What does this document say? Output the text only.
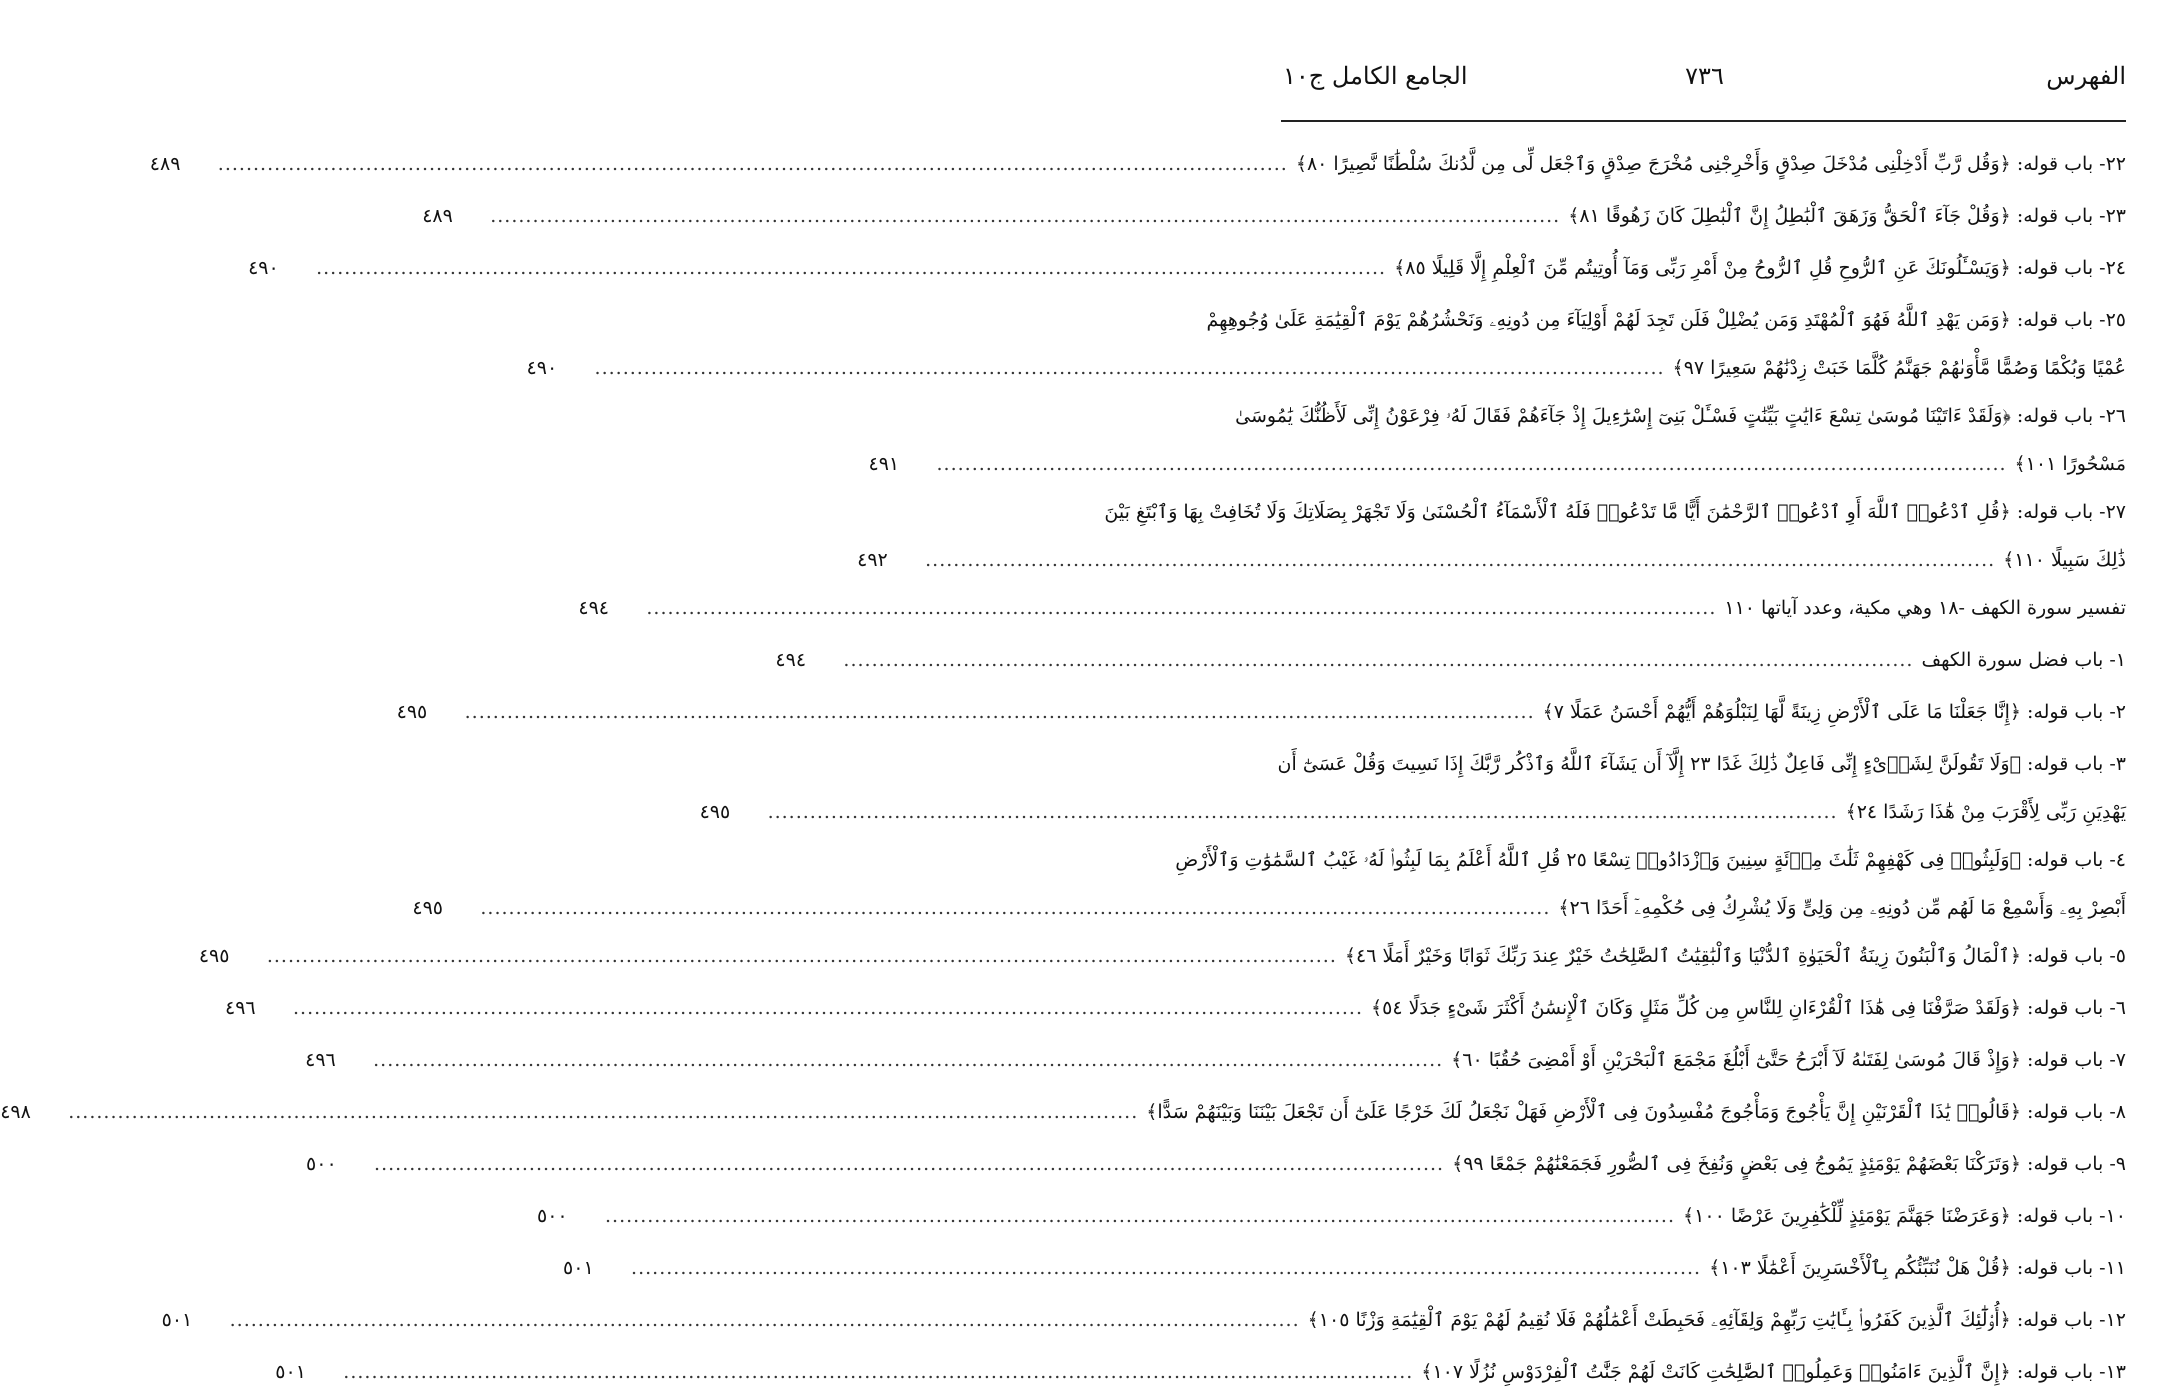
الجامع الكامل ج١٠	٧٣٦	الفهرس
٢٢- باب قوله: ﴿وَقُل رَّبِّ أَدْخِلْنِى مُدْخَلَ صِدْقٍ وَأَخْرِجْنِى مُخْرَجَ صِدْقٍ وَٱجْعَل لِّى مِن لَّدُنكَ سُلْطَٰنًا نَّصِيرًا ٨٠﴾
........................................................................................................................................................
٤٨٩
٢٣- باب قوله: ﴿وَقُلْ جَآءَ ٱلْحَقُّ وَزَهَقَ ٱلْبَٰطِلُ إِنَّ ٱلْبَٰطِلَ كَانَ زَهُوقًا ٨١﴾
........................................................................................................................................................
٤٨٩
٢٤- باب قوله: ﴿وَيَسْـَٔلُونَكَ عَنِ ٱلرُّوحِ قُلِ ٱلرُّوحُ مِنْ أَمْرِ رَبِّى وَمَآ أُوتِيتُم مِّنَ ٱلْعِلْمِ إِلَّا قَلِيلًا ٨٥﴾
........................................................................................................................................................
٤٩٠
٢٥- باب قوله: ﴿وَمَن يَهْدِ ٱللَّهُ فَهُوَ ٱلْمُهْتَدِ وَمَن يُضْلِلْ فَلَن تَجِدَ لَهُمْ أَوْلِيَآءَ مِن دُونِهِۦ وَنَحْشُرُهُمْ يَوْمَ ٱلْقِيَٰمَةِ عَلَىٰ وُجُوهِهِمْ
عُمْيًا وَبُكْمًا وَصُمًّا مَّأْوَىٰهُمْ جَهَنَّمُ كُلَّمَا خَبَتْ زِدْنَٰهُمْ سَعِيرًا ٩٧﴾
........................................................................................................................................................
٤٩٠
٢٦- باب قوله: ﴿وَلَقَدْ ءَاتَيْنَا مُوسَىٰ تِسْعَ ءَايَٰتٍ بَيِّنَٰتٍ فَسْـَٔلْ بَنِىٓ إِسْرَٰٓءِيلَ إِذْ جَآءَهُمْ فَقَالَ لَهُۥ فِرْعَوْنُ إِنِّى لَأَظُنُّكَ يَٰمُوسَىٰ
مَسْحُورًا ١٠١﴾
........................................................................................................................................................
٤٩١
٢٧- باب قوله: ﴿قُلِ ٱدْعُوا۟ ٱللَّهَ أَوِ ٱدْعُوا۟ ٱلرَّحْمَٰنَ أَيًّا مَّا تَدْعُوا۟ فَلَهُ ٱلْأَسْمَآءُ ٱلْحُسْنَىٰ وَلَا تَجْهَرْ بِصَلَاتِكَ وَلَا تُخَافِتْ بِهَا وَٱبْتَغِ بَيْنَ
ذَٰلِكَ سَبِيلًا ١١٠﴾
........................................................................................................................................................
٤٩٢
تفسير سورة الكهف -١٨ وهي مكية، وعدد آياتها ١١٠
........................................................................................................................................................
٤٩٤
١- باب فضل سورة الكهف
........................................................................................................................................................
٤٩٤
٢- باب قوله: ﴿إِنَّا جَعَلْنَا مَا عَلَى ٱلْأَرْضِ زِينَةً لَّهَا لِنَبْلُوَهُمْ أَيُّهُمْ أَحْسَنُ عَمَلًا ٧﴾
........................................................................................................................................................
٤٩٥
٣- باب قوله: ﴿وَلَا تَقُولَنَّ لِشَا۟ىْءٍ إِنِّى فَاعِلٌ ذَٰلِكَ غَدًا ٢٣ إِلَّآ أَن يَشَآءَ ٱللَّهُ وَٱذْكُر رَّبَّكَ إِذَا نَسِيتَ وَقُلْ عَسَىٰٓ أَن
يَهْدِيَنِ رَبِّى لِأَقْرَبَ مِنْ هَٰذَا رَشَدًا ٢٤﴾
........................................................................................................................................................
٤٩٥
٤- باب قوله: ﴿وَلَبِثُوا۟ فِى كَهْفِهِمْ ثَلَٰثَ مِا۟ئَةٍ سِنِينَ وَٱزْدَادُوا۟ تِسْعًا ٢٥ قُلِ ٱللَّهُ أَعْلَمُ بِمَا لَبِثُوا۟ لَهُۥ غَيْبُ ٱلسَّمَٰوَٰتِ وَٱلْأَرْضِ
أَبْصِرْ بِهِۦ وَأَسْمِعْ مَا لَهُم مِّن دُونِهِۦ مِن وَلِىٍّ وَلَا يُشْرِكُ فِى حُكْمِهِۦٓ أَحَدًا ٢٦﴾
........................................................................................................................................................
٤٩٥
٥- باب قوله: ﴿ٱلْمَالُ وَٱلْبَنُونَ زِينَةُ ٱلْحَيَوٰةِ ٱلدُّنْيَا وَٱلْبَٰقِيَٰتُ ٱلصَّٰلِحَٰتُ خَيْرٌ عِندَ رَبِّكَ ثَوَابًا وَخَيْرٌ أَمَلًا ٤٦﴾
........................................................................................................................................................
٤٩٥
٦- باب قوله: ﴿وَلَقَدْ صَرَّفْنَا فِى هَٰذَا ٱلْقُرْءَانِ لِلنَّاسِ مِن كُلِّ مَثَلٍ وَكَانَ ٱلْإِنسَٰنُ أَكْثَرَ شَىْءٍ جَدَلًا ٥٤﴾
........................................................................................................................................................
٤٩٦
٧- باب قوله: ﴿وَإِذْ قَالَ مُوسَىٰ لِفَتَىٰهُ لَآ أَبْرَحُ حَتَّىٰٓ أَبْلُغَ مَجْمَعَ ٱلْبَحْرَيْنِ أَوْ أَمْضِىَ حُقُبًا ٦٠﴾
........................................................................................................................................................
٤٩٦
٨- باب قوله: ﴿قَالُوا۟ يَٰذَا ٱلْقَرْنَيْنِ إِنَّ يَأْجُوجَ وَمَأْجُوجَ مُفْسِدُونَ فِى ٱلْأَرْضِ فَهَلْ نَجْعَلُ لَكَ خَرْجًا عَلَىٰٓ أَن تَجْعَلَ بَيْنَنَا وَبَيْنَهُمْ سَدًّا﴾
........................................................................................................................................................
٤٩٨
٩- باب قوله: ﴿وَتَرَكْنَا بَعْضَهُمْ يَوْمَئِذٍ يَمُوجُ فِى بَعْضٍ وَنُفِخَ فِى ٱلصُّورِ فَجَمَعْنَٰهُمْ جَمْعًا ٩٩﴾
........................................................................................................................................................
٥٠٠
١٠- باب قوله: ﴿وَعَرَضْنَا جَهَنَّمَ يَوْمَئِذٍ لِّلْكَٰفِرِينَ عَرْضًا ١٠٠﴾
........................................................................................................................................................
٥٠٠
١١- باب قوله: ﴿قُلْ هَلْ نُنَبِّئُكُم بِٱلْأَخْسَرِينَ أَعْمَٰلًا ١٠٣﴾
........................................................................................................................................................
٥٠١
١٢- باب قوله: ﴿أُو۟لَٰٓئِكَ ٱلَّذِينَ كَفَرُوا۟ بِـَٔايَٰتِ رَبِّهِمْ وَلِقَآئِهِۦ فَحَبِطَتْ أَعْمَٰلُهُمْ فَلَا نُقِيمُ لَهُمْ يَوْمَ ٱلْقِيَٰمَةِ وَزْنًا ١٠٥﴾
........................................................................................................................................................
٥٠١
١٣- باب قوله: ﴿إِنَّ ٱلَّذِينَ ءَامَنُوا۟ وَعَمِلُوا۟ ٱلصَّٰلِحَٰتِ كَانَتْ لَهُمْ جَنَّٰتُ ٱلْفِرْدَوْسِ نُزُلًا ١٠٧﴾
........................................................................................................................................................
٥٠١
